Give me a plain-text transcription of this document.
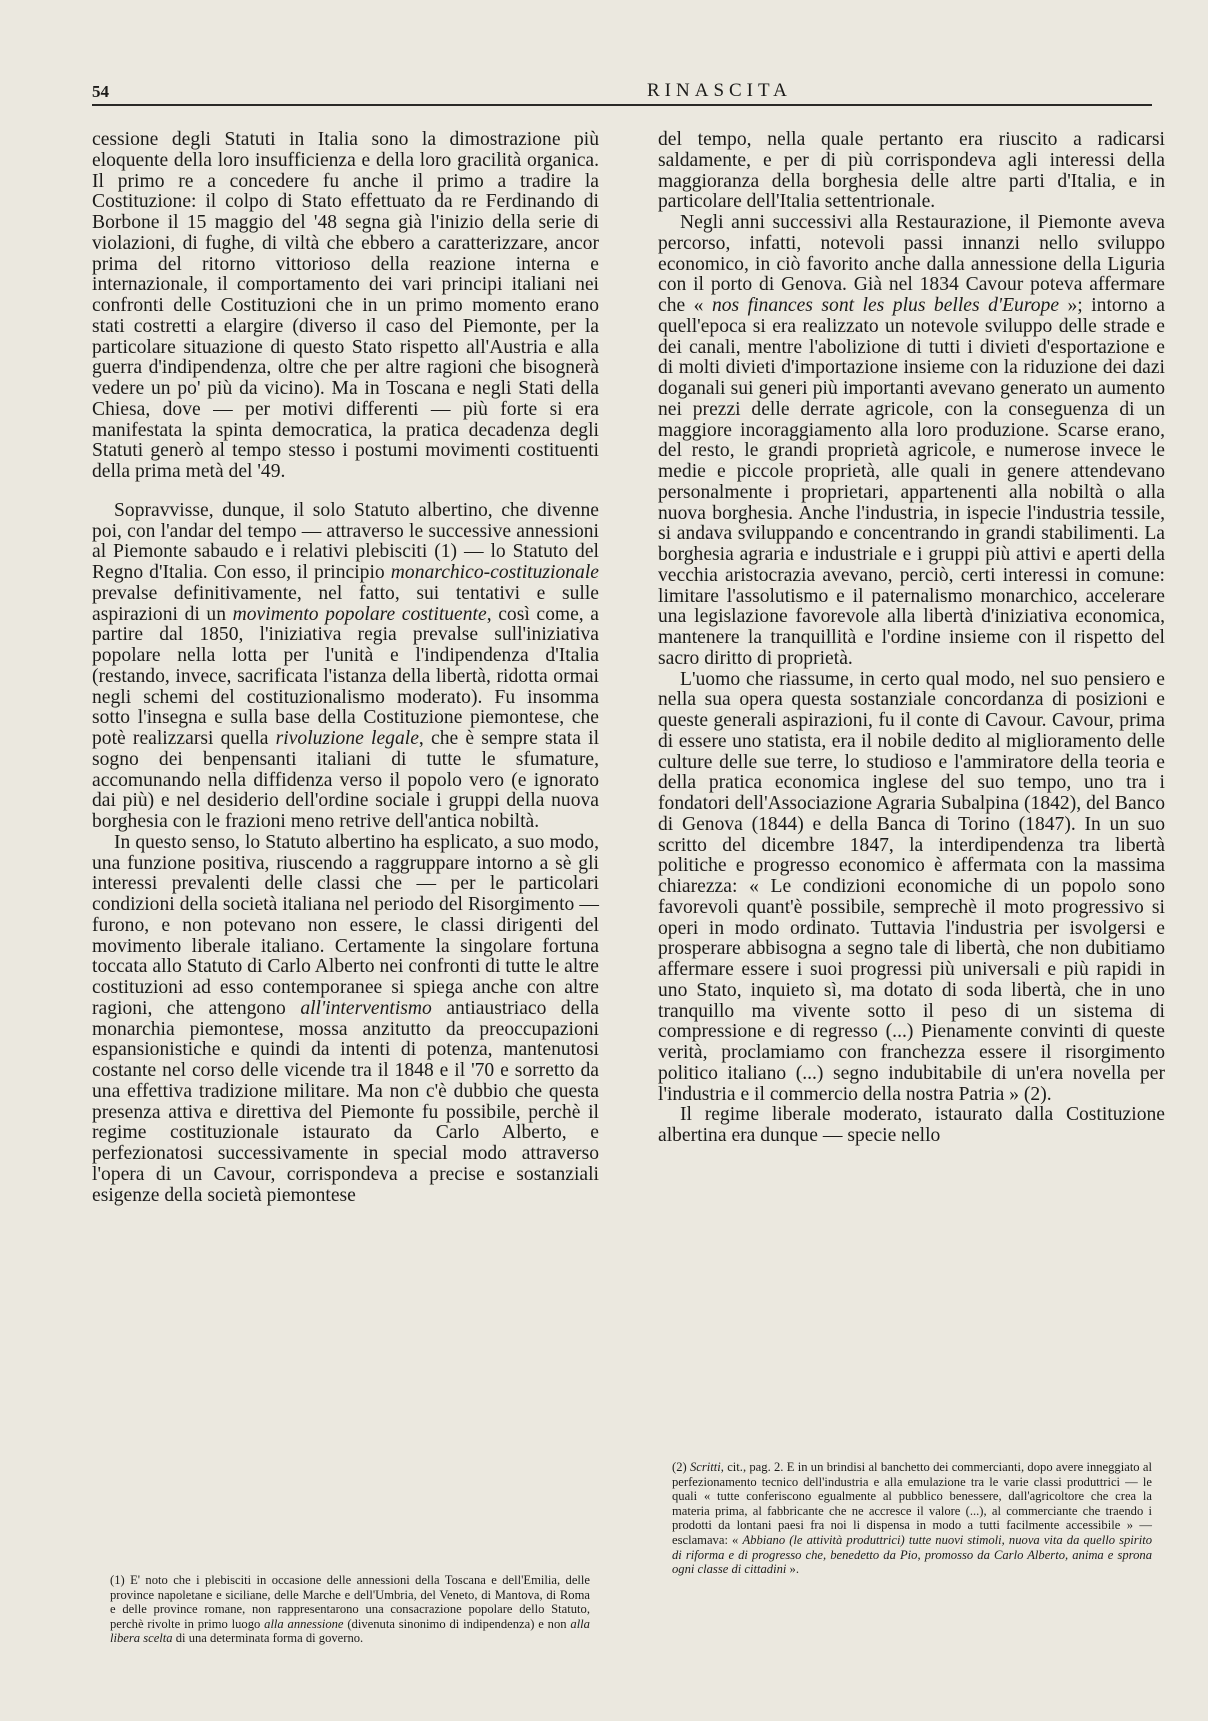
54	RINASCITA

cessione degli Statuti in Italia sono la dimostrazione più eloquente della loro insufficienza e della loro gracilità organica. Il primo re a concedere fu anche il primo a tradire la Costituzione: il colpo di Stato effettuato da re Ferdinando di Borbone il 15 maggio del '48 segna già l'inizio della serie di violazioni, di fughe, di viltà che ebbero a caratterizzare, ancor prima del ritorno vittorioso della reazione interna e internazionale, il comportamento dei vari principi italiani nei confronti delle Costituzioni che in un primo momento erano stati costretti a elargire (diverso il caso del Piemonte, per la particolare situazione di questo Stato rispetto all'Austria e alla guerra d'indipendenza, oltre che per altre ragioni che bisognerà vedere un po' più da vicino). Ma in Toscana e negli Stati della Chiesa, dove — per motivi differenti — più forte si era manifestata la spinta democratica, la pratica decadenza degli Statuti generò al tempo stesso i postumi movimenti costituenti della prima metà del '49.

Sopravvisse, dunque, il solo Statuto albertino, che divenne poi, con l'andar del tempo — attraverso le successive annessioni al Piemonte sabaudo e i relativi plebisciti (1) — lo Statuto del Regno d'Italia. Con esso, il principio monarchico-costituzionale prevalse definitivamente, nel fatto, sui tentativi e sulle aspirazioni di un movimento popolare costituente, così come, a partire dal 1850, l'iniziativa regia prevalse sull'iniziativa popolare nella lotta per l'unità e l'indipendenza d'Italia (restando, invece, sacrificata l'istanza della libertà, ridotta ormai negli schemi del costituzionalismo moderato). Fu insomma sotto l'insegna e sulla base della Costituzione piemontese, che potè realizzarsi quella rivoluzione legale, che è sempre stata il sogno dei benpensanti italiani di tutte le sfumature, accomunando nella diffidenza verso il popolo vero (e ignorato dai più) e nel desiderio dell'ordine sociale i gruppi della nuova borghesia con le frazioni meno retrive dell'antica nobiltà.

In questo senso, lo Statuto albertino ha esplicato, a suo modo, una funzione positiva, riuscendo a raggruppare intorno a sè gli interessi prevalenti delle classi che — per le particolari condizioni della società italiana nel periodo del Risorgimento — furono, e non potevano non essere, le classi dirigenti del movimento liberale italiano. Certamente la singolare fortuna toccata allo Statuto di Carlo Alberto nei confronti di tutte le altre costituzioni ad esso contemporanee si spiega anche con altre ragioni, che attengono all'interventismo antiaustriaco della monarchia piemontese, mossa anzitutto da preoccupazioni espansionistiche e quindi da intenti di potenza, mantenutosi costante nel corso delle vicende tra il 1848 e il '70 e sorretto da una effettiva tradizione militare. Ma non c'è dubbio che questa presenza attiva e direttiva del Piemonte fu possibile, perchè il regime costituzionale istaurato da Carlo Alberto, e perfezionatosi successivamente in special modo attraverso l'opera di un Cavour, corrispondeva a precise e sostanziali esigenze della società piemontese

del tempo, nella quale pertanto era riuscito a radicarsi saldamente, e per di più corrispondeva agli interessi della maggioranza della borghesia delle altre parti d'Italia, e in particolare dell'Italia settentrionale.

Negli anni successivi alla Restaurazione, il Piemonte aveva percorso, infatti, notevoli passi innanzi nello sviluppo economico, in ciò favorito anche dalla annessione della Liguria con il porto di Genova. Già nel 1834 Cavour poteva affermare che « nos finances sont les plus belles d'Europe »; intorno a quell'epoca si era realizzato un notevole sviluppo delle strade e dei canali, mentre l'abolizione di tutti i divieti d'esportazione e di molti divieti d'importazione insieme con la riduzione dei dazi doganali sui generi più importanti avevano generato un aumento nei prezzi delle derrate agricole, con la conseguenza di un maggiore incoraggiamento alla loro produzione. Scarse erano, del resto, le grandi proprietà agricole, e numerose invece le medie e piccole proprietà, alle quali in genere attendevano personalmente i proprietari, appartenenti alla nobiltà o alla nuova borghesia. Anche l'industria, in ispecie l'industria tessile, si andava sviluppando e concentrando in grandi stabilimenti. La borghesia agraria e industriale e i gruppi più attivi e aperti della vecchia aristocrazia avevano, perciò, certi interessi in comune: limitare l'assolutismo e il paternalismo monarchico, accelerare una legislazione favorevole alla libertà d'iniziativa economica, mantenere la tranquillità e l'ordine insieme con il rispetto del sacro diritto di proprietà.

L'uomo che riassume, in certo qual modo, nel suo pensiero e nella sua opera questa sostanziale concordanza di posizioni e queste generali aspirazioni, fu il conte di Cavour. Cavour, prima di essere uno statista, era il nobile dedito al miglioramento delle culture delle sue terre, lo studioso e l'ammiratore della teoria e della pratica economica inglese del suo tempo, uno tra i fondatori dell'Associazione Agraria Subalpina (1842), del Banco di Genova (1844) e della Banca di Torino (1847). In un suo scritto del dicembre 1847, la interdipendenza tra libertà politiche e progresso economico è affermata con la massima chiarezza: « Le condizioni economiche di un popolo sono favorevoli quant'è possibile, semprechè il moto progressivo si operi in modo ordinato. Tuttavia l'industria per isvolgersi e prosperare abbisogna a segno tale di libertà, che non dubitiamo affermare essere i suoi progressi più universali e più rapidi in uno Stato, inquieto sì, ma dotato di soda libertà, che in uno tranquillo ma vivente sotto il peso di un sistema di compressione e di regresso (...) Pienamente convinti di queste verità, proclamiamo con franchezza essere il risorgimento politico italiano (...) segno indubitabile di un'era novella per l'industria e il commercio della nostra Patria » (2).

Il regime liberale moderato, istaurato dalla Costituzione albertina era dunque — specie nello

(2) Scritti, cit., pag. 2. E in un brindisi al banchetto dei commercianti, dopo avere inneggiato al perfezionamento tecnico dell'industria e alla emulazione tra le varie classi produttrici — le quali « tutte conferiscono egualmente al pubblico benessere, dall'agricoltore che crea la materia prima, al fabbricante che ne accresce il valore (...), al commerciante che traendo i prodotti da lontani paesi fra noi li dispensa in modo a tutti facilmente accessibile » — esclamava: « Abbiano (le attività produttrici) tutte nuovi stimoli, nuova vita da quello spirito di riforma e di progresso che, benedetto da Pio, promosso da Carlo Alberto, anima e sprona ogni classe di cittadini ».
(1) E' noto che i plebisciti in occasione delle annessioni della Toscana e dell'Emilia, delle province napoletane e siciliane, delle Marche e dell'Umbria, del Veneto, di Mantova, di Roma e delle province romane, non rappresentarono una consacrazione popolare dello Statuto, perchè rivolte in primo luogo alla annessione (divenuta sinonimo di indipendenza) e non alla libera scelta di una determinata forma di governo.
